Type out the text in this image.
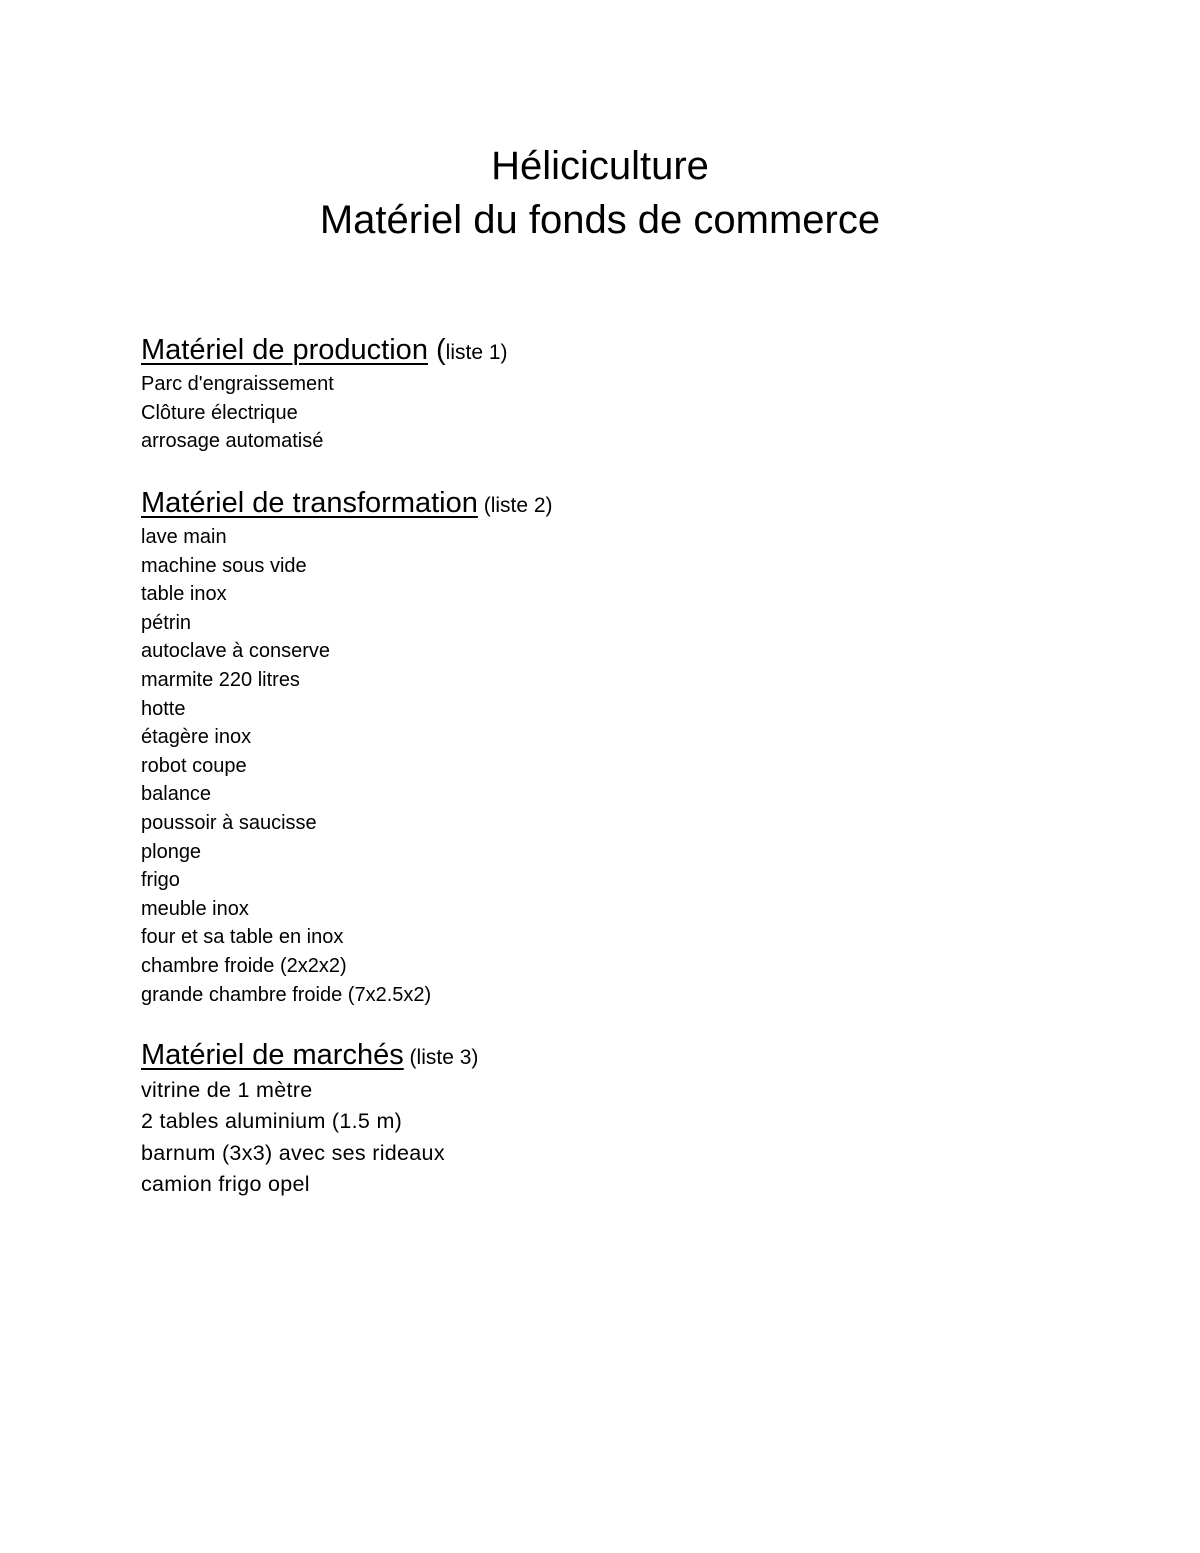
Héliciculture
Matériel du fonds de commerce
Matériel de production (liste 1)
Parc d'engraissement
Clôture électrique
arrosage automatisé
Matériel de transformation (liste 2)
lave main
machine sous vide
table inox
pétrin
autoclave à conserve
marmite 220 litres
hotte
étagère inox
robot coupe
balance
poussoir à saucisse
plonge
frigo
meuble inox
four et sa table en inox
chambre froide (2x2x2)
grande chambre froide (7x2.5x2)
Matériel de marchés (liste 3)
vitrine de 1 mètre
2 tables aluminium (1.5 m)
barnum (3x3) avec ses rideaux
camion frigo opel
